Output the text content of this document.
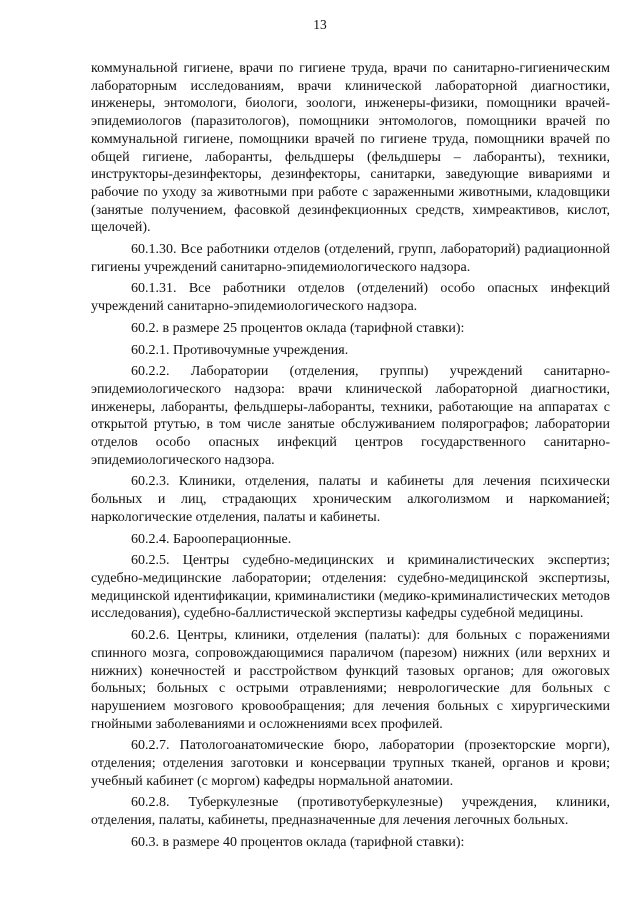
13

коммунальной гигиене, врачи по гигиене труда, врачи по санитарно-гигиеническим лабораторным исследованиям, врачи клинической лабораторной диагностики, инженеры, энтомологи, биологи, зоологи, инженеры-физики, помощники врачей-эпидемиологов (паразитологов), помощники энтомологов, помощники врачей по коммунальной гигиене, помощники врачей по гигиене труда, помощники врачей по общей гигиене, лаборанты, фельдшеры (фельдшеры – лаборанты), техники, инструкторы-дезинфекторы, дезинфекторы, санитарки, заведующие вивариями и рабочие по уходу за животными при работе с зараженными животными, кладовщики (занятые получением, фасовкой дезинфекционных средств, химреактивов, кислот, щелочей).

60.1.30. Все работники отделов (отделений, групп, лабораторий) радиационной гигиены учреждений санитарно-эпидемиологического надзора.

60.1.31. Все работники отделов (отделений) особо опасных инфекций учреждений санитарно-эпидемиологического надзора.

60.2. в размере 25 процентов оклада (тарифной ставки):

60.2.1. Противочумные учреждения.

60.2.2. Лаборатории (отделения, группы) учреждений санитарно-эпидемиологического надзора: врачи клинической лабораторной диагностики, инженеры, лаборанты, фельдшеры-лаборанты, техники, работающие на аппаратах с открытой ртутью, в том числе занятые обслуживанием полярографов; лаборатории отделов особо опасных инфекций центров государственного санитарно-эпидемиологического надзора.

60.2.3. Клиники, отделения, палаты и кабинеты для лечения психически больных и лиц, страдающих хроническим алкоголизмом и наркоманией; наркологические отделения, палаты и кабинеты.

60.2.4. Бароoперационные.

60.2.5. Центры судебно-медицинских и криминалистических экспертиз; судебно-медицинские лаборатории; отделения: судебно-медицинской экспертизы, медицинской идентификации, криминалистики (медико-криминалистических методов исследования), судебно-баллистической экспертизы кафедры судебной медицины.

60.2.6. Центры, клиники, отделения (палаты): для больных с поражениями спинного мозга, сопровождающимися параличом (парезом) нижних (или верхних и нижних) конечностей и расстройством функций тазовых органов; для ожоговых больных; больных с острыми отравлениями; неврологические для больных с нарушением мозгового кровообращения; для лечения больных с хирургическими гнойными заболеваниями и осложнениями всех профилей.

60.2.7. Патологоанатомические бюро, лаборатории (прозекторские морги), отделения; отделения заготовки и консервации трупных тканей, органов и крови; учебный кабинет (с моргом) кафедры нормальной анатомии.

60.2.8. Туберкулезные (противотуберкулезные) учреждения, клиники, отделения, палаты, кабинеты, предназначенные для лечения легочных больных.

60.3. в размере 40 процентов оклада (тарифной ставки):
